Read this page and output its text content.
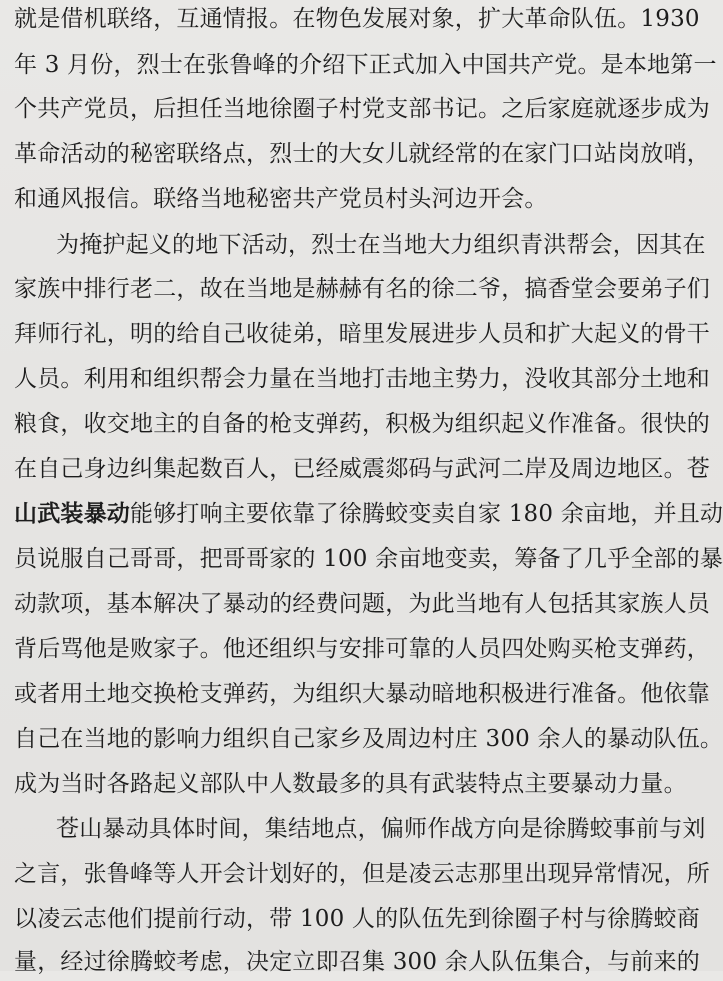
就是借机联络，互通情报。在物色发展对象，扩大革命队伍。1930
年 3 月份，烈士在张鲁峰的介绍下正式加入中国共产党。是本地第一
个共产党员，后担任当地徐圈子村党支部书记。之后家庭就逐步成为
革命活动的秘密联络点，烈士的大女儿就经常的在家门口站岗放哨，
和通风报信。联络当地秘密共产党员村头河边开会。
为掩护起义的地下活动，烈士在当地大力组织青洪帮会，因其在
家族中排行老二，故在当地是赫赫有名的徐二爷，搞香堂会要弟子们
拜师行礼，明的给自己收徒弟，暗里发展进步人员和扩大起义的骨干
人员。利用和组织帮会力量在当地打击地主势力，没收其部分土地和
粮食，收交地主的自备的枪支弹药，积极为组织起义作准备。很快的
在自己身边纠集起数百人，已经威震郯码与武河二岸及周边地区。苍
山武装暴动能够打响主要依靠了徐腾蛟变卖自家 180 余亩地，并且动
员说服自己哥哥，把哥哥家的 100 余亩地变卖，筹备了几乎全部的暴
动款项，基本解决了暴动的经费问题，为此当地有人包括其家族人员
背后骂他是败家子。他还组织与安排可靠的人员四处购买枪支弹药，
或者用土地交换枪支弹药，为组织大暴动暗地积极进行准备。他依靠
自己在当地的影响力组织自己家乡及周边村庄 300 余人的暴动队伍。
成为当时各路起义部队中人数最多的具有武装特点主要暴动力量。
苍山暴动具体时间，集结地点，偏师作战方向是徐腾蛟事前与刘
之言，张鲁峰等人开会计划好的，但是凌云志那里出现异常情况，所
以凌云志他们提前行动，带 100 人的队伍先到徐圈子村与徐腾蛟商
量，经过徐腾蛟考虑，决定立即召集 300 余人队伍集合，与前来的
